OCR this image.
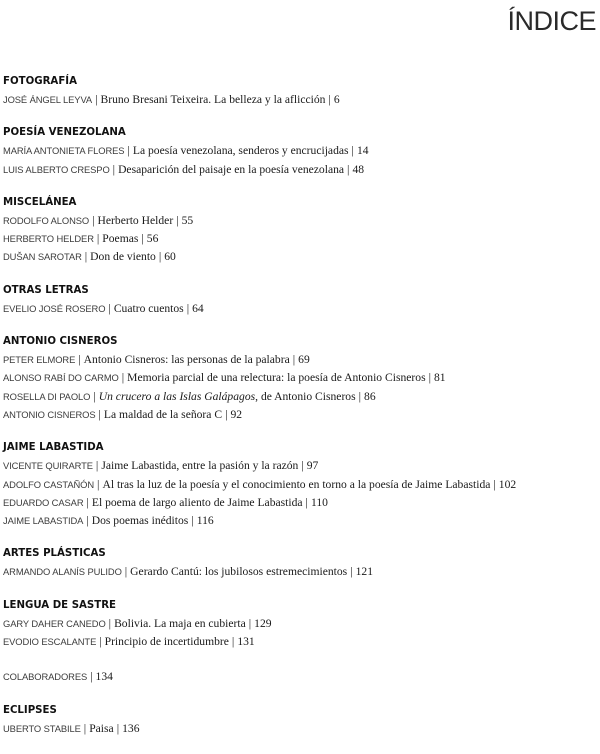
ÍNDICE
FOTOGRAFÍA
JOSÉ ÁNGEL LEYVA | Bruno Bresani Teixeira. La belleza y la aflicción | 6
POESÍA VENEZOLANA
MARÍA ANTONIETA FLORES | La poesía venezolana, senderos y encrucijadas | 14
LUIS ALBERTO CRESPO | Desaparición del paisaje en la poesía venezolana | 48
MISCELÁNEA
RODOLFO ALONSO | Herberto Helder | 55
HERBERTO HELDER | Poemas | 56
DUŠAN SAROTAR | Don de viento | 60
OTRAS LETRAS
EVELIO JOSÉ ROSERO | Cuatro cuentos | 64
ANTONIO CISNEROS
PETER ELMORE | Antonio Cisneros: las personas de la palabra | 69
ALONSO RABÍ DO CARMO | Memoria parcial de una relectura: la poesía de Antonio Cisneros | 81
ROSELLA DI PAOLO | Un crucero a las Islas Galápagos, de Antonio Cisneros | 86
ANTONIO CISNEROS | La maldad de la señora C | 92
JAIME LABASTIDA
VICENTE QUIRARTE | Jaime Labastida, entre la pasión y la razón | 97
ADOLFO CASTAÑÓN | Al tras la luz de la poesía y el conocimiento en torno a la poesía de Jaime Labastida | 102
EDUARDO CASAR | El poema de largo aliento de Jaime Labastida | 110
JAIME LABASTIDA | Dos poemas inéditos | 116
ARTES PLÁSTICAS
ARMANDO ALANÍS PULIDO | Gerardo Cantú: los jubilosos estremecimientos | 121
LENGUA DE SASTRE
GARY DAHER CANEDO | Bolivia. La maja en cubierta | 129
EVODIO ESCALANTE | Principio de incertidumbre | 131
COLABORADORES | 134
ECLIPSES
UBERTO STABILE | Paisa | 136
